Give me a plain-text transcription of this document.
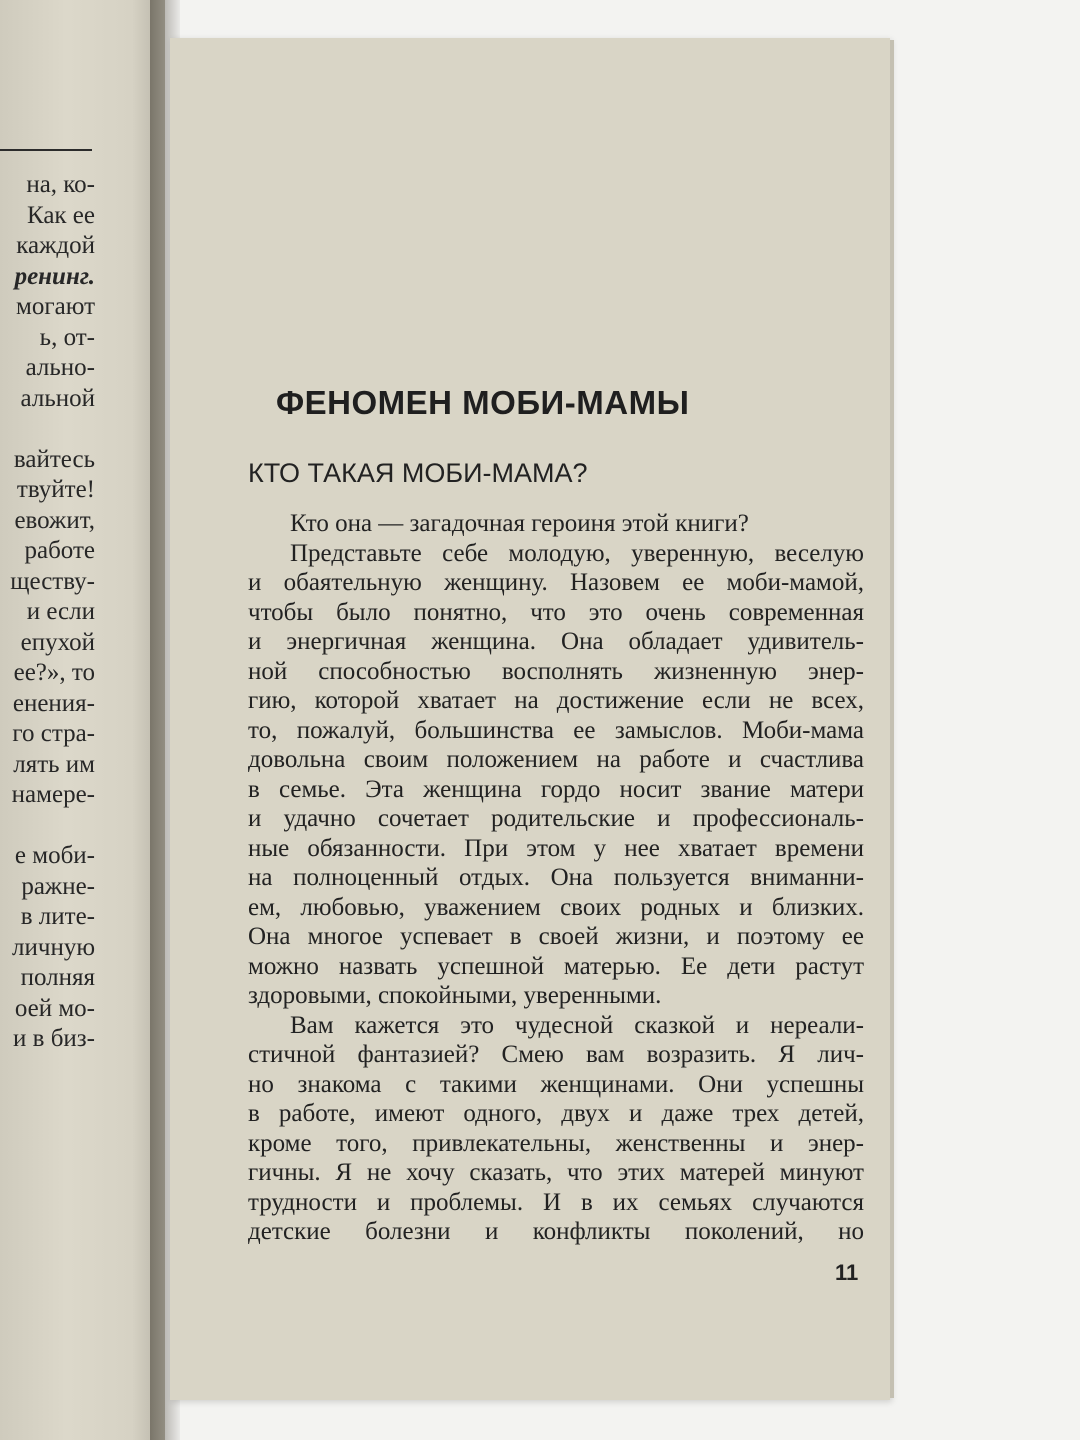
на, ко-
Как ее
каждой
ренинг.
могают
ь, от-
ально-
альной
вайтесь
твуйте!
евожит,
работе
ществу-
и если
епухой
ее?», то
енения-
го стра-
лять им
намере-
е моби-
ражне-
в лите-
личную
полняя
оей мо-
и в биз-
ФЕНОМЕН МОБИ-МАМЫ
КТО ТАКАЯ МОБИ-МАМА?
Кто она — загадочная героиня этой книги?
Представьте себе молодую, уверенную, веселую
и обаятельную женщину. Назовем ее моби-мамой,
чтобы было понятно, что это очень современная
и энергичная женщина. Она обладает удивитель-
ной способностью восполнять жизненную энер-
гию, которой хватает на достижение если не всех,
то, пожалуй, большинства ее замыслов. Моби-мама
довольна своим положением на работе и счастлива
в семье. Эта женщина гордо носит звание матери
и удачно сочетает родительские и профессиональ-
ные обязанности. При этом у нее хватает времени
на полноценный отдых. Она пользуется вниманни-
ем, любовью, уважением своих родных и близких.
Она многое успевает в своей жизни, и поэтому ее
можно назвать успешной матерью. Ее дети растут
здоровыми, спокойными, уверенными.
Вам кажется это чудесной сказкой и нереали-
стичной фантазией? Смею вам возразить. Я лич-
но знакома с такими женщинами. Они успешны
в работе, имеют одного, двух и даже трех детей,
кроме того, привлекательны, женственны и энер-
гичны. Я не хочу сказать, что этих матерей минуют
трудности и проблемы. И в их семьях случаются
детские болезни и конфликты поколений, но
11
